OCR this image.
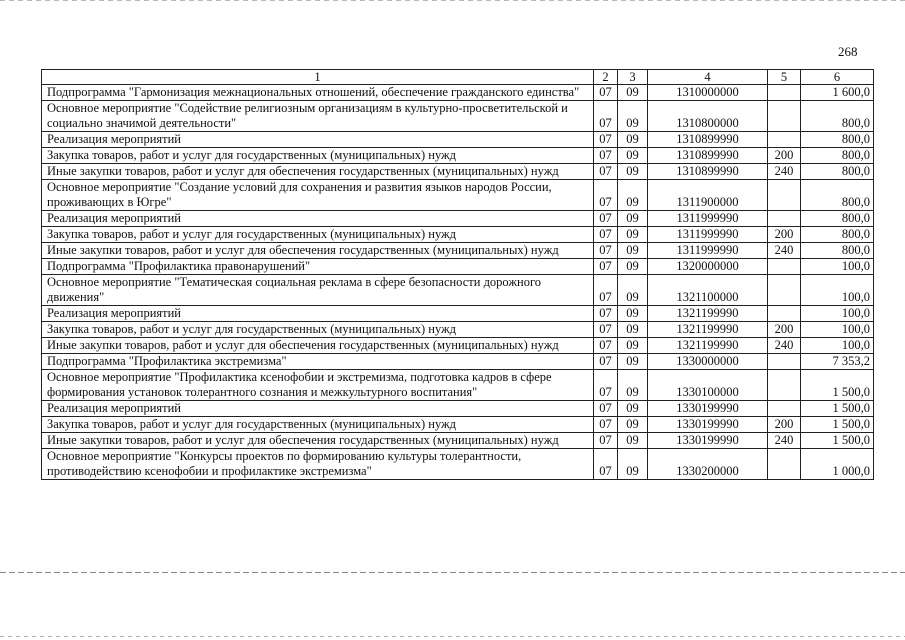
268
1	2	3	4	5	6
Подпрограмма "Гармонизация межнациональных отношений, обеспечение гражданского единства"	07	09	1310000000		1 600,0
Основное мероприятие "Содействие религиозным организациям в культурно-просветительской и социально значимой деятельности"	07	09	1310800000		800,0
Реализация мероприятий	07	09	1310899990		800,0
Закупка товаров, работ и услуг для государственных (муниципальных) нужд	07	09	1310899990	200	800,0
Иные закупки товаров, работ и услуг для обеспечения государственных (муниципальных) нужд	07	09	1310899990	240	800,0
Основное мероприятие "Создание условий для сохранения и развития языков народов России, проживающих в Югре"	07	09	1311900000		800,0
Реализация мероприятий	07	09	1311999990		800,0
Закупка товаров, работ и услуг для государственных (муниципальных) нужд	07	09	1311999990	200	800,0
Иные закупки товаров, работ и услуг для обеспечения государственных (муниципальных) нужд	07	09	1311999990	240	800,0
Подпрограмма "Профилактика правонарушений"	07	09	1320000000		100,0
Основное мероприятие "Тематическая социальная реклама в сфере безопасности дорожного движения"	07	09	1321100000		100,0
Реализация мероприятий	07	09	1321199990		100,0
Закупка товаров, работ и услуг для государственных (муниципальных) нужд	07	09	1321199990	200	100,0
Иные закупки товаров, работ и услуг для обеспечения государственных (муниципальных) нужд	07	09	1321199990	240	100,0
Подпрограмма "Профилактика экстремизма"	07	09	1330000000		7 353,2
Основное мероприятие "Профилактика ксенофобии и экстремизма, подготовка кадров в сфере формирования установок толерантного сознания и межкультурного воспитания"	07	09	1330100000		1 500,0
Реализация мероприятий	07	09	1330199990		1 500,0
Закупка товаров, работ и услуг для государственных (муниципальных) нужд	07	09	1330199990	200	1 500,0
Иные закупки товаров, работ и услуг для обеспечения государственных (муниципальных) нужд	07	09	1330199990	240	1 500,0
Основное мероприятие "Конкурсы проектов по формированию культуры толерантности, противодействию ксенофобии и профилактике экстремизма"	07	09	1330200000		1 000,0
